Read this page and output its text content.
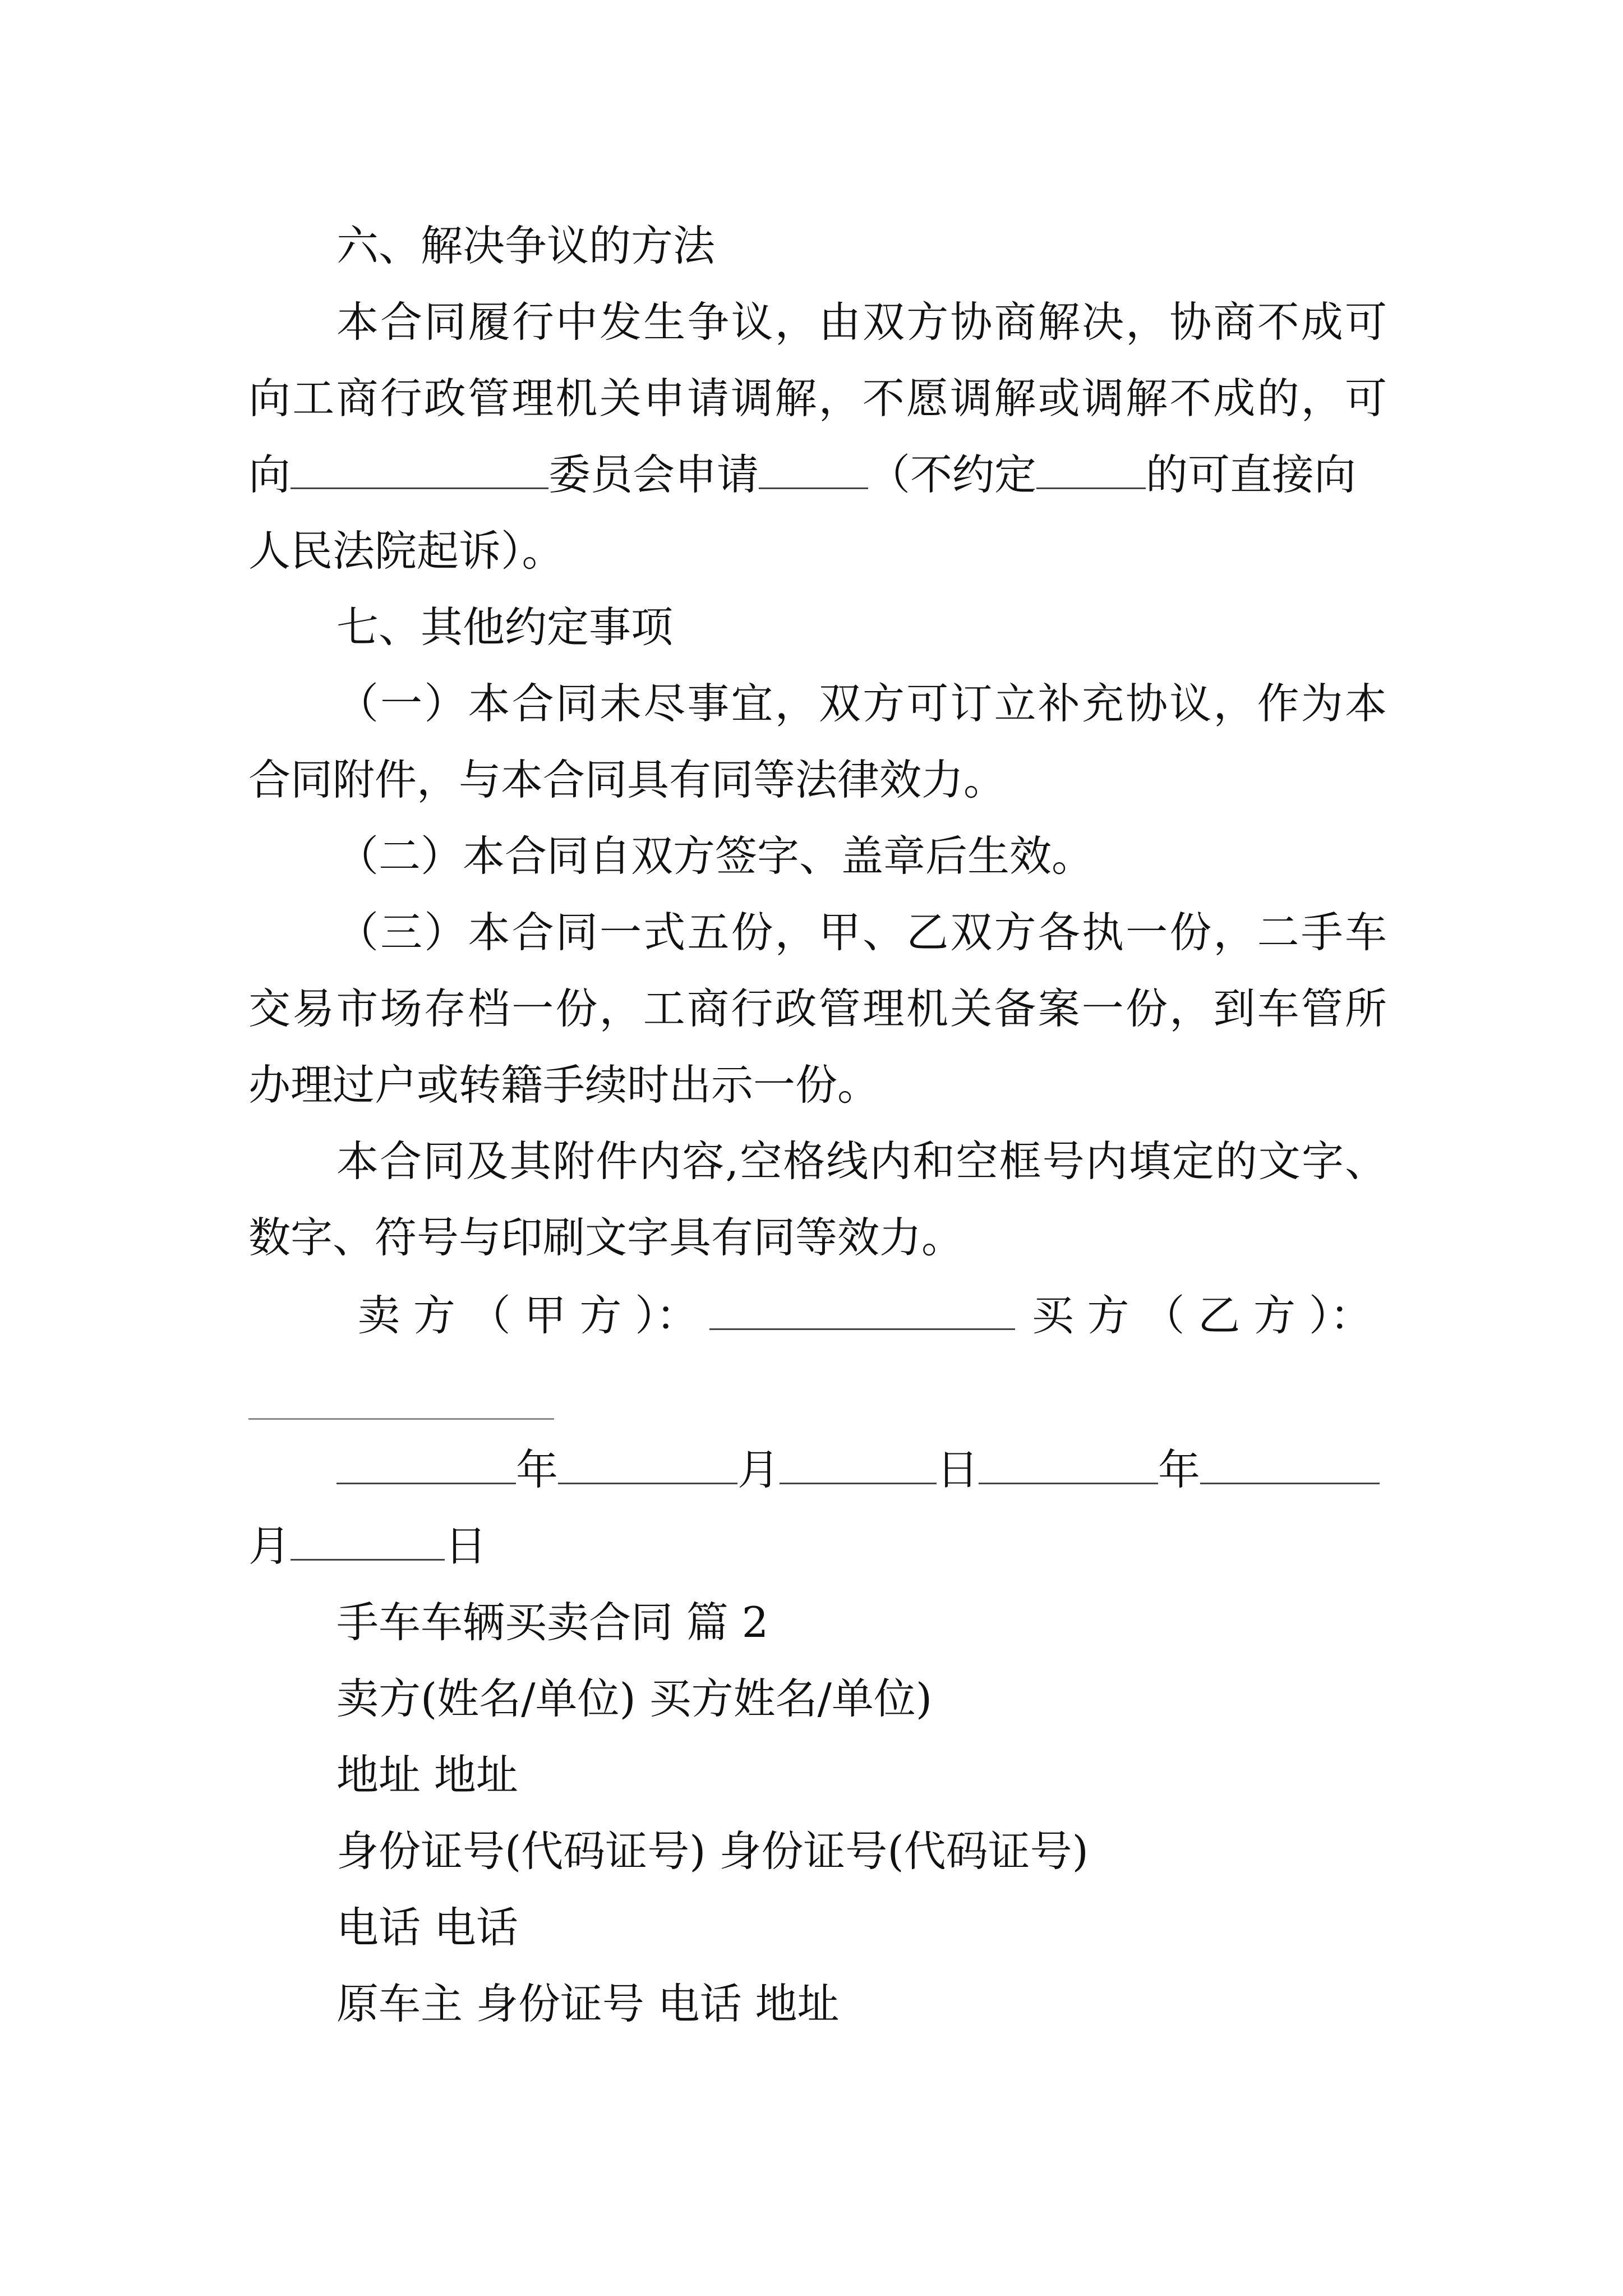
六、解决争议的方法
本合同履行中发生争议，由双方协商解决，协商不成可
向工商行政管理机关申请调解，不愿调解或调解不成的，可
向	委员会申请	（不约定	的可直接向
人民法院起诉）。
七、其他约定事项
（一）本合同未尽事宜，双方可订立补充协议，作为本
合同附件，与本合同具有同等法律效力。
（二）本合同自双方签字、盖章后生效。
（三）本合同一式五份，甲、乙双方各执一份，二手车
交易市场存档一份，工商行政管理机关备案一份，到车管所
办理过户或转籍手续时出示一份。
本合同及其附件内容,空格线内和空框号内填定的文字、
数字、符号与印刷文字具有同等效力。
卖 方 （ 甲 方 ）：	买 方 （ 乙 方 ）：
年	月	日	年
月	日
手车车辆买卖合同 篇 2
卖方(姓名/单位) 买方姓名/单位)
地址 地址
身份证号(代码证号) 身份证号(代码证号)
电话 电话
原车主 身份证号 电话 地址
